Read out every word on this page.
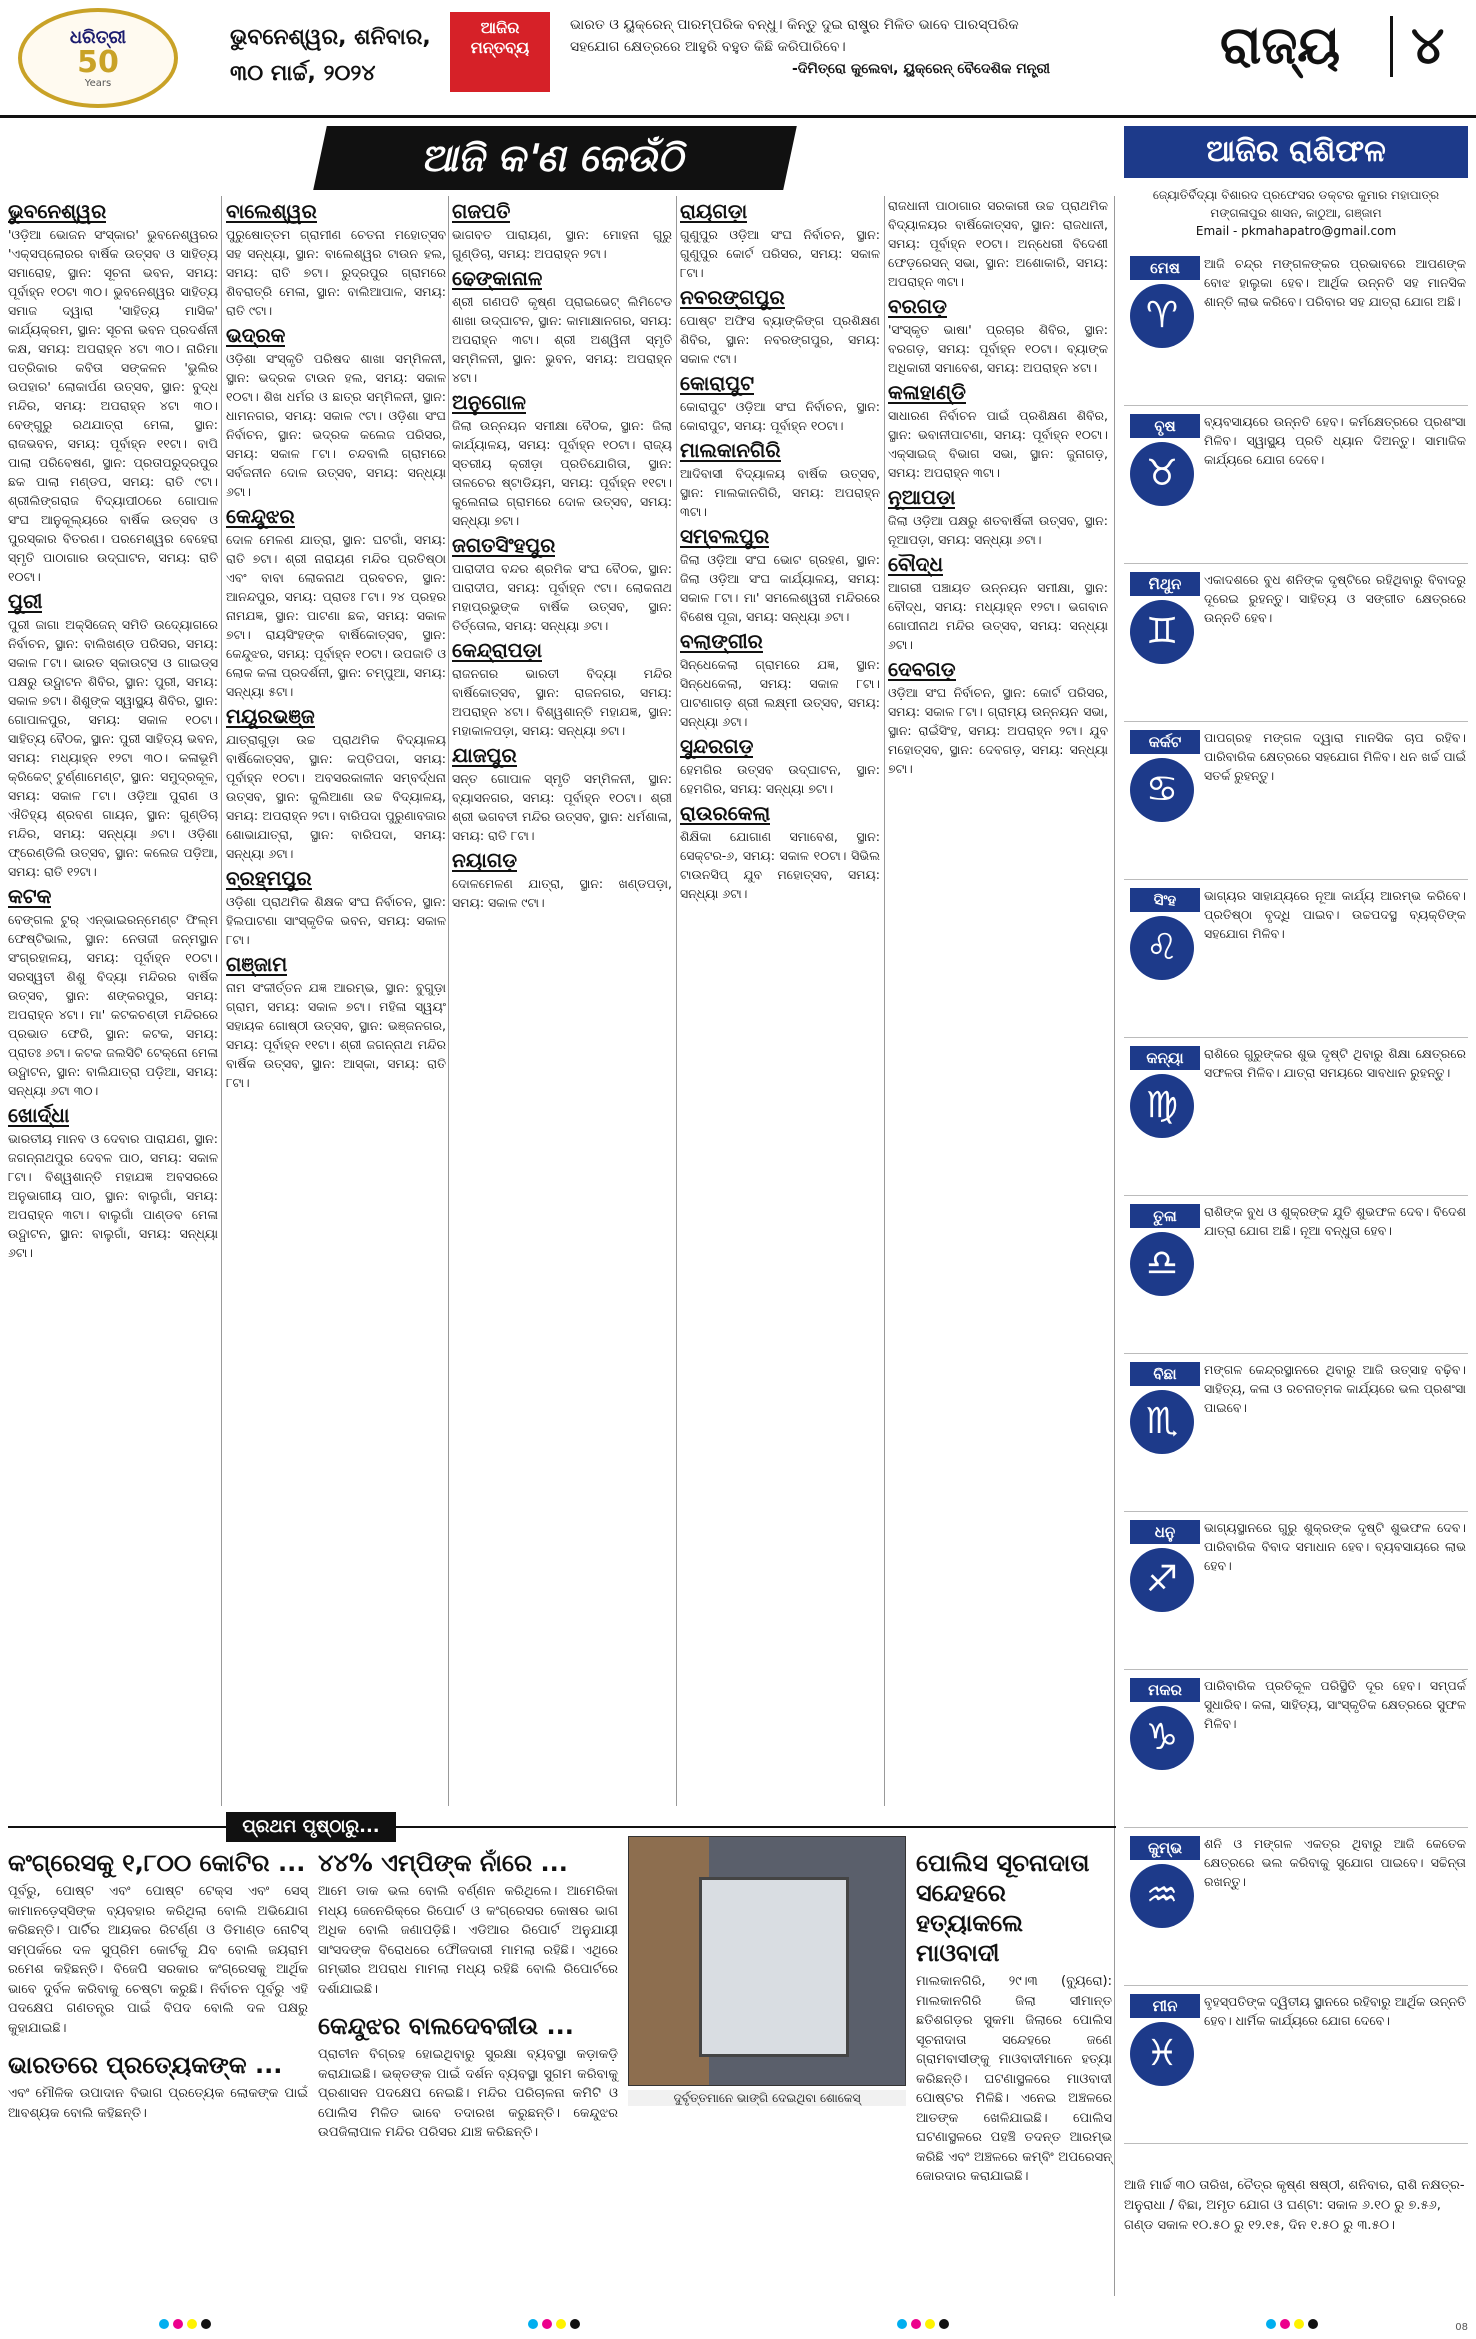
ଧରିତ୍ରୀ
50
Years
ଭୁବନେଶ୍ୱର, ଶନିବାର,
୩୦ ମାର୍ଚ୍ଚ, ୨୦୨୪
ଆଜିର ମନ୍ତବ୍ୟ

ଭାରତ ଓ ୟୁକ୍ରେନ୍ ପାରମ୍ପରିକ ବନ୍ଧୁ। କିନ୍ତୁ ଦୁଇ ରାଷ୍ଟ୍ର ମିଳିତ ଭାବେ ପାରସ୍ପରିକ ସହଯୋଗ କ୍ଷେତ୍ରରେ ଆହୁରି ବହୁତ କିଛି କରିପାରିବେ।

-ଦିମିତ୍ରୋ କୁଲେବା, ୟୁକ୍ରେନ୍ ବୈଦେଶିକ ମନ୍ତ୍ରୀ	ରାଜ୍ୟ	୪
ଆଜି କ'ଣ କେଉଁଠି
ଭୁବନେଶ୍ୱର

'ଓଡ଼ିଆ ଭୋଜନ ସଂସ୍କାର' ଭୁବନେଶ୍ୱରର 'ଏକ୍ସପ୍ଲୋରର ବାର୍ଷିକ ଉତ୍ସବ ଓ ସାହିତ୍ୟ ସମାରୋହ, ସ୍ଥାନ: ସୂଚନା ଭବନ, ସମୟ: ପୂର୍ବାହ୍ନ ୧୦ଟା ୩୦। ଭୁବନେଶ୍ୱର ସାହିତ୍ୟ ସମାଜ ଦ୍ୱାରା 'ସାହିତ୍ୟ ମାସିକ' କାର୍ଯ୍ୟକ୍ରମ, ସ୍ଥାନ: ସୂଚନା ଭବନ ପ୍ରଦର୍ଶନୀ କକ୍ଷ, ସମୟ: ଅପରାହ୍ନ ୪ଟା ୩୦। ନାରିମା ପତ୍ରିକାର କବିତା ସଙ୍କଳନ 'ଭୁଲିର ଉପହାର' ଲୋକାର୍ପଣ ଉତ୍ସବ, ସ୍ଥାନ: ବୁଦ୍ଧ ମନ୍ଦିର, ସମୟ: ଅପରାହ୍ନ ୪ଟା ୩୦। ବେଙ୍ଗୁରୁ ରଥଯାତ୍ରା ମେଳା, ସ୍ଥାନ: ରାଜଭବନ, ସମୟ: ପୂର୍ବାହ୍ନ ୧୧ଟା। ବାପି ପାଲା ପରିବେଷଣ, ସ୍ଥାନ: ପ୍ରତାପରୁଦ୍ରପୁର ଛକ ପାଲା ମଣ୍ଡପ, ସମୟ: ରାତି ୯ଟା। ଶ୍ରୀଲିଙ୍ଗରାଜ ବିଦ୍ୟାପୀଠରେ ଗୋପାଳ ସଂଘ ଆନୁକୂଲ୍ୟରେ ବାର୍ଷିକ ଉତ୍ସବ ଓ ପୁରସ୍କାର ବିତରଣ। ପରମେଶ୍ୱର ବେହେରା ସ୍ମୃତି ପାଠାଗାର ଉଦ୍‌ଘାଟନ, ସମୟ: ରାତି ୧୦ଟା।

ପୁରୀ

ପୁରୀ ଜାଗା ଅକ୍ସିଜେନ୍ ସମିତି ଉଦ୍ୟୋଗରେ ନିର୍ବାଚନ, ସ୍ଥାନ: ବାଲିଖଣ୍ଡ ପରିସର, ସମୟ: ସକାଳ ୮ଟା। ଭାରତ ସ୍କାଉଟ୍ସ ଓ ଗାଇଡ୍ସ ପକ୍ଷରୁ ଉଦ୍ଘାଟନ ଶିବିର, ସ୍ଥାନ: ପୁରୀ, ସମୟ: ସକାଳ ୭ଟା। ଶିଶୁଙ୍କ ସ୍ୱାସ୍ଥ୍ୟ ଶିବିର, ସ୍ଥାନ: ଗୋପାଳପୁର, ସମୟ: ସକାଳ ୧୦ଟା। ସାହିତ୍ୟ ବୈଠକ, ସ୍ଥାନ: ପୁରୀ ସାହିତ୍ୟ ଭବନ, ସମୟ: ମଧ୍ୟାହ୍ନ ୧୨ଟା ୩୦। କଳାଭୂମି କ୍ରିକେଟ୍ ଟୁର୍ଣ୍ଣାମେଣ୍ଟ, ସ୍ଥାନ: ସମୁଦ୍ରକୂଳ, ସମୟ: ସକାଳ ୮ଟା। ଓଡ଼ିଆ ପୁରାଣ ଓ ଐତିହ୍ୟ ଶ୍ରବଣ ଗାୟନ, ସ୍ଥାନ: ଗୁଣ୍ଡିଚା ମନ୍ଦିର, ସମୟ: ସନ୍ଧ୍ୟା ୬ଟା। ଓଡ଼ିଶା ଫ୍ରେଣ୍ଡିଲି ଉତ୍ସବ, ସ୍ଥାନ: କଲେଜ ପଡ଼ିଆ, ସମୟ: ରାତି ୧୨ଟା।

କଟକ

ବେଙ୍ଗଲ ଟୁର୍ ଏନ୍‌ଭାଇରନ୍‌ମେଣ୍ଟ ଫିଲ୍ମ ଫେଷ୍ଟିଭାଲ, ସ୍ଥାନ: ନେତାଜୀ ଜନ୍ମସ୍ଥାନ ସଂଗ୍ରହାଳୟ, ସମୟ: ପୂର୍ବାହ୍ନ ୧୦ଟା। ସରସ୍ୱତୀ ଶିଶୁ ବିଦ୍ୟା ମନ୍ଦିରର ବାର୍ଷିକ ଉତ୍ସବ, ସ୍ଥାନ: ଶଙ୍କରପୁର, ସମୟ: ଅପରାହ୍ନ ୪ଟା। ମା' କଟକଚଣ୍ଡୀ ମନ୍ଦିରରେ ପ୍ରଭାତ ଫେରି, ସ୍ଥାନ: କଟକ, ସମୟ: ପ୍ରାତଃ ୬ଟା। କଟକ ଜଲସିଟି ଟେକ୍ନୋ ମେଳା ଉଦ୍ଘାଟନ, ସ୍ଥାନ: ବାଲିଯାତ୍ରା ପଡ଼ିଆ, ସମୟ: ସନ୍ଧ୍ୟା ୬ଟା ୩୦।

ଖୋର୍ଦ୍ଧା

ଭାରତୀୟ ମାନବ ଓ ଦେବାର ପାରାଯଣ, ସ୍ଥାନ: ଜଗନ୍ନାଥପୁର ଦେବଳ ପାଠ, ସମୟ: ସକାଳ ୮ଟା। ବିଶ୍ୱଶାନ୍ତି ମହାଯଜ୍ଞ ଅବସରରେ ଅନୁଭାଗୀୟ ପାଠ, ସ୍ଥାନ: ବାଲୁଗାଁ, ସମୟ: ଅପରାହ୍ନ ୩ଟା। ବାଲୁଗାଁ ପାଣ୍ଡବ ମେଳା ଉଦ୍ଘାଟନ, ସ୍ଥାନ: ବାଲୁଗାଁ, ସମୟ: ସନ୍ଧ୍ୟା ୬ଟା।

ବାଲେଶ୍ୱର

ପୁରୁଷୋତ୍ତମ ଗ୍ରାମୀଣ ଚେତନା ମହୋତ୍ସବ ସହ ସନ୍ଧ୍ୟା, ସ୍ଥାନ: ବାଲେଶ୍ୱର ଟାଉନ ହଲ, ସମୟ: ରାତି ୭ଟା। ରୁଦ୍ରପୁର ଗ୍ରାମରେ ଶିବରାତ୍ରି ମେଳା, ସ୍ଥାନ: ବାଲିଆପାଳ, ସମୟ: ରାତି ୯ଟା।

ଭଦ୍ରକ

ଓଡ଼ିଶା ସଂସ୍କୃତି ପରିଷଦ ଶାଖା ସମ୍ମିଳନୀ, ସ୍ଥାନ: ଭଦ୍ରକ ଟାଉନ ହଲ, ସମୟ: ସକାଳ ୧୦ଟା। ଶିଖ ଧର୍ମର ଓ ଛାତ୍ର ସମ୍ମିଳନୀ, ସ୍ଥାନ: ଧାମନଗର, ସମୟ: ସକାଳ ୯ଟା। ଓଡ଼ିଶା ସଂଘ ନିର୍ବାଚନ, ସ୍ଥାନ: ଭଦ୍ରକ କଲେଜ ପରିସର, ସମୟ: ସକାଳ ୮ଟା। ଚନ୍ଦବାଲି ଗ୍ରାମରେ ସର୍ବଜନୀନ ଦୋଳ ଉତ୍ସବ, ସମୟ: ସନ୍ଧ୍ୟା ୬ଟା।

କେନ୍ଦୁଝର

ଦୋଳ ମେଳଣ ଯାତ୍ରା, ସ୍ଥାନ: ଘଟଗାଁ, ସମୟ: ରାତି ୭ଟା। ଶ୍ରୀ ନାରାୟଣ ମନ୍ଦିର ପ୍ରତିଷ୍ଠା ଏବଂ ବାବା ଲୋକନାଥ ପ୍ରବଚନ, ସ୍ଥାନ: ଆନନ୍ଦପୁର, ସମୟ: ପ୍ରାତଃ ୮ଟା। ୨୪ ପ୍ରହର ନାମଯଜ୍ଞ, ସ୍ଥାନ: ପାଟଣା ଛକ, ସମୟ: ସକାଳ ୭ଟା। ରାୟସିଂହଙ୍କ ବାର୍ଷିକୋତ୍ସବ, ସ୍ଥାନ: କେନ୍ଦୁଝର, ସମୟ: ପୂର୍ବାହ୍ନ ୧୦ଟା। ଉପଜାତି ଓ ଲୋକ କଳା ପ୍ରଦର୍ଶନୀ, ସ୍ଥାନ: ଚମ୍ପୁଆ, ସମୟ: ସନ୍ଧ୍ୟା ୫ଟା।

ମୟୂରଭଞ୍ଜ

ଯାତ୍ରାଗୁଡ଼ା ଉଚ୍ଚ ପ୍ରାଥମିକ ବିଦ୍ୟାଳୟ ବାର୍ଷିକୋତ୍ସବ, ସ୍ଥାନ: କପ୍ତିପଦା, ସମୟ: ପୂର୍ବାହ୍ନ ୧୦ଟା। ଅବସରକାଳୀନ ସମ୍ବର୍ଦ୍ଧନା ଉତ୍ସବ, ସ୍ଥାନ: କୁଲିଆଣା ଉଚ୍ଚ ବିଦ୍ୟାଳୟ, ସମୟ: ଅପରାହ୍ନ ୨ଟା। ବାରିପଦା ପୁରୁଣାବଜାର ଶୋଭାଯାତ୍ରା, ସ୍ଥାନ: ବାରିପଦା, ସମୟ: ସନ୍ଧ୍ୟା ୬ଟା।

ବ୍ରହ୍ମପୁର

ଓଡ଼ିଶା ପ୍ରାଥମିକ ଶିକ୍ଷକ ସଂଘ ନିର୍ବାଚନ, ସ୍ଥାନ: ହିଲପାଟଣା ସାଂସ୍କୃତିକ ଭବନ, ସମୟ: ସକାଳ ୮ଟା।

ଗଞ୍ଜାମ

ନାମ ସଂକୀର୍ତ୍ତନ ଯଜ୍ଞ ଆରମ୍ଭ, ସ୍ଥାନ: ବୁଗୁଡ଼ା ଗ୍ରାମ, ସମୟ: ସକାଳ ୭ଟା। ମହିଳା ସ୍ୱୟଂ ସହାୟକ ଗୋଷ୍ଠୀ ଉତ୍ସବ, ସ୍ଥାନ: ଭଞ୍ଜନଗର, ସମୟ: ପୂର୍ବାହ୍ନ ୧୧ଟା। ଶ୍ରୀ ଜଗନ୍ନାଥ ମନ୍ଦିର ବାର୍ଷିକ ଉତ୍ସବ, ସ୍ଥାନ: ଆସ୍କା, ସମୟ: ରାତି ୮ଟା।

ଗଜପତି

ଭାଗବତ ପାରାୟଣ, ସ୍ଥାନ: ମୋହନା ଗୁରୁ ଗୁଣ୍ଡିଚା, ସମୟ: ଅପରାହ୍ନ ୨ଟା।

ଢେଙ୍କାନାଳ

ଶ୍ରୀ ଗଣପତି କୃଷ୍ଣ ପ୍ରାଇଭେଟ୍ ଲିମିଟେଡ ଶାଖା ଉଦ୍‌ଘାଟନ, ସ୍ଥାନ: କାମାକ୍ଷାନଗର, ସମୟ: ଅପରାହ୍ନ ୩ଟା। ଶ୍ରୀ ଅଶ୍ୱିନୀ ସ୍ମୃତି ସମ୍ମିଳନୀ, ସ୍ଥାନ: ଭୁବନ, ସମୟ: ଅପରାହ୍ନ ୪ଟା।

ଅନୁଗୋଳ

ଜିଲା ଉନ୍ନୟନ ସମୀକ୍ଷା ବୈଠକ, ସ୍ଥାନ: ଜିଲା କାର୍ଯ୍ୟାଳୟ, ସମୟ: ପୂର୍ବାହ୍ନ ୧୦ଟା। ରାଜ୍ୟ ସ୍ତରୀୟ କ୍ରୀଡ଼ା ପ୍ରତିଯୋଗିତା, ସ୍ଥାନ: ତାଳଚେର ଷ୍ଟାଡିୟମ, ସମୟ: ପୂର୍ବାହ୍ନ ୧୧ଟା। କୁଲେନାଇ ଗ୍ରାମରେ ଦୋଳ ଉତ୍ସବ, ସମୟ: ସନ୍ଧ୍ୟା ୭ଟା।

ଜଗତସିଂହପୁର

ପାରାଦୀପ ବନ୍ଦର ଶ୍ରମିକ ସଂଘ ବୈଠକ, ସ୍ଥାନ: ପାରାଦୀପ, ସମୟ: ପୂର୍ବାହ୍ନ ୯ଟା। ଲୋକନାଥ ମହାପ୍ରଭୁଙ୍କ ବାର୍ଷିକ ଉତ୍ସବ, ସ୍ଥାନ: ତିର୍ତ୍ତୋଲ, ସମୟ: ସନ୍ଧ୍ୟା ୬ଟା।

କେନ୍ଦ୍ରାପଡ଼ା

ରାଜନଗର ଭାରତୀ ବିଦ୍ୟା ମନ୍ଦିର ବାର୍ଷିକୋତ୍ସବ, ସ୍ଥାନ: ରାଜନଗର, ସମୟ: ଅପରାହ୍ନ ୪ଟା। ବିଶ୍ୱଶାନ୍ତି ମହାଯଜ୍ଞ, ସ୍ଥାନ: ମହାକାଳପଡ଼ା, ସମୟ: ସନ୍ଧ୍ୟା ୭ଟା।

ଯାଜପୁର

ସନ୍ତ ଗୋପାଳ ସ୍ମୃତି ସମ୍ମିଳନୀ, ସ୍ଥାନ: ବ୍ୟାସନଗର, ସମୟ: ପୂର୍ବାହ୍ନ ୧୦ଟା। ଶ୍ରୀ ଶ୍ରୀ ଭଗବତୀ ମନ୍ଦିର ଉତ୍ସବ, ସ୍ଥାନ: ଧର୍ମଶାଳା, ସମୟ: ରାତି ୮ଟା।

ନୟାଗଡ଼

ଦୋଳମେଳଣ ଯାତ୍ରା, ସ୍ଥାନ: ଖଣ୍ଡପଡ଼ା, ସମୟ: ସକାଳ ୯ଟା।

ରାୟଗଡ଼ା

ଗୁଣୁପୁର ଓଡ଼ିଆ ସଂଘ ନିର୍ବାଚନ, ସ୍ଥାନ: ଗୁଣୁପୁର କୋର୍ଟ ପରିସର, ସମୟ: ସକାଳ ୮ଟା।

ନବରଙ୍ଗପୁର

ପୋଷ୍ଟ ଅଫିସ ବ୍ୟାଙ୍କିଙ୍ଗ ପ୍ରଶିକ୍ଷଣ ଶିବିର, ସ୍ଥାନ: ନବରଙ୍ଗପୁର, ସମୟ: ସକାଳ ୯ଟା।

କୋରାପୁଟ

କୋରାପୁଟ ଓଡ଼ିଆ ସଂଘ ନିର୍ବାଚନ, ସ୍ଥାନ: କୋରାପୁଟ, ସମୟ: ପୂର୍ବାହ୍ନ ୧୦ଟା।

ମାଲକାନଗିରି

ଆଦିବାସୀ ବିଦ୍ୟାଳୟ ବାର୍ଷିକ ଉତ୍ସବ, ସ୍ଥାନ: ମାଲକାନଗିରି, ସମୟ: ଅପରାହ୍ନ ୩ଟା।

ସମ୍ବଲପୁର

ଜିଲା ଓଡ଼ିଆ ସଂଘ ଭୋଟ ଗ୍ରହଣ, ସ୍ଥାନ: ଜିଲା ଓଡ଼ିଆ ସଂଘ କାର୍ଯ୍ୟାଳୟ, ସମୟ: ସକାଳ ୮ଟା। ମା' ସମଲେଶ୍ୱରୀ ମନ୍ଦିରରେ ବିଶେଷ ପୂଜା, ସମୟ: ସନ୍ଧ୍ୟା ୬ଟା।

ବଲାଙ୍ଗୀର

ସିନ୍ଧେକେଲା ଗ୍ରାମରେ ଯଜ୍ଞ, ସ୍ଥାନ: ସିନ୍ଧେକେଲା, ସମୟ: ସକାଳ ୮ଟା। ପାଟଣାଗଡ଼ ଶ୍ରୀ ଲକ୍ଷ୍ମୀ ଉତ୍ସବ, ସମୟ: ସନ୍ଧ୍ୟା ୬ଟା।

ସୁନ୍ଦରଗଡ଼

ହେମଗିର ଉତ୍ସବ ଉଦ୍‌ଘାଟନ, ସ୍ଥାନ: ହେମଗିର, ସମୟ: ସନ୍ଧ୍ୟା ୭ଟା।

ରାଉରକେଲା

ଶିକ୍ଷିକା ଯୋଗାଣ ସମାବେଶ, ସ୍ଥାନ: ସେକ୍ଟର-୬, ସମୟ: ସକାଳ ୧୦ଟା। ସିଭିଲ ଟାଉନସିପ୍ ଯୁବ ମହୋତ୍ସବ, ସମୟ: ସନ୍ଧ୍ୟା ୬ଟା।

ରାଜଧାନୀ ପାଠାଗାର ସରକାରୀ ଉଚ୍ଚ ପ୍ରାଥମିକ ବିଦ୍ୟାଳୟର ବାର୍ଷିକୋତ୍ସବ, ସ୍ଥାନ: ରାଜଧାନୀ, ସମୟ: ପୂର୍ବାହ୍ନ ୧୦ଟା। ଅନ୍ଧେରୀ ବିଦେଶୀ ଫେଡ଼ରେସନ୍ ସଭା, ସ୍ଥାନ: ଅଶୋକାରି, ସମୟ: ଅପରାହ୍ନ ୩ଟା।

ବରଗଡ଼

'ସଂସ୍କୃତ ଭାଷା' ପ୍ରଚାର ଶିବିର, ସ୍ଥାନ: ବରଗଡ଼, ସମୟ: ପୂର୍ବାହ୍ନ ୧୦ଟା। ବ୍ୟାଙ୍କ ଅଧିକାରୀ ସମାବେଶ, ସମୟ: ଅପରାହ୍ନ ୪ଟା।

କଳାହାଣ୍ଡି

ସାଧାରଣ ନିର୍ବାଚନ ପାଇଁ ପ୍ରଶିକ୍ଷଣ ଶିବିର, ସ୍ଥାନ: ଭବାନୀପାଟଣା, ସମୟ: ପୂର୍ବାହ୍ନ ୧୦ଟା। ଏକ୍ସାଇଜ୍ ବିଭାଗ ସଭା, ସ୍ଥାନ: ଜୁନାଗଡ଼, ସମୟ: ଅପରାହ୍ନ ୩ଟା।

ନୂଆପଡ଼ା

ଜିଲା ଓଡ଼ିଆ ପକ୍ଷରୁ ଶତବାର୍ଷିକୀ ଉତ୍ସବ, ସ୍ଥାନ: ନୂଆପଡ଼ା, ସମୟ: ସନ୍ଧ୍ୟା ୬ଟା।

ବୌଦ୍ଧ

ଆଗରୀ ପଞ୍ଚାୟତ ଉନ୍ନୟନ ସମୀକ୍ଷା, ସ୍ଥାନ: ବୌଦ୍ଧ, ସମୟ: ମଧ୍ୟାହ୍ନ ୧୨ଟା। ଭଗବାନ ଗୋପୀନାଥ ମନ୍ଦିର ଉତ୍ସବ, ସମୟ: ସନ୍ଧ୍ୟା ୬ଟା।

ଦେବଗଡ଼

ଓଡ଼ିଆ ସଂଘ ନିର୍ବାଚନ, ସ୍ଥାନ: କୋର୍ଟ ପରିସର, ସମୟ: ସକାଳ ୮ଟା। ଗ୍ରାମ୍ୟ ଉନ୍ନୟନ ସଭା, ସ୍ଥାନ: ରାଇଁସିଂହ, ସମୟ: ଅପରାହ୍ନ ୨ଟା। ଯୁବ ମହୋତ୍ସବ, ସ୍ଥାନ: ଦେବଗଡ଼, ସମୟ: ସନ୍ଧ୍ୟା ୭ଟା।

ଆଜିର ରାଶିଫଳ
ଜ୍ୟୋତିର୍ବିଦ୍ୟା ବିଶାରଦ ପ୍ରଫେସର ଡକ୍ଟର କୁମାର ମହାପାତ୍ର
ମଙ୍ଗଳାପୁର ଶାସନ, କାଠୁଆ, ଗଞ୍ଜାମ
Email - pkmahapatro@gmail.com
ମେଷ
♈
ଆଜି ଚନ୍ଦ୍ର ମଙ୍ଗଳଙ୍କର ପ୍ରଭାବରେ ଆପଣଙ୍କ ବୋଝ ହାଲୁକା ହେବ। ଆର୍ଥିକ ଉନ୍ନତି ସହ ମାନସିକ ଶାନ୍ତି ଲାଭ କରିବେ। ପରିବାର ସହ ଯାତ୍ରା ଯୋଗ ଅଛି।
ବୃଷ
♉
ବ୍ୟବସାୟରେ ଉନ୍ନତି ହେବ। କର୍ମକ୍ଷେତ୍ରରେ ପ୍ରଶଂସା ମିଳିବ। ସ୍ୱାସ୍ଥ୍ୟ ପ୍ରତି ଧ୍ୟାନ ଦିଅନ୍ତୁ। ସାମାଜିକ କାର୍ଯ୍ୟରେ ଯୋଗ ଦେବେ।
ମିଥୁନ
♊
ଏକାଦଶରେ ବୁଧ ଶନିଙ୍କ ଦୃଷ୍ଟିରେ ରହିଥିବାରୁ ବିବାଦରୁ ଦୂରେଇ ରୁହନ୍ତୁ। ସାହିତ୍ୟ ଓ ସଙ୍ଗୀତ କ୍ଷେତ୍ରରେ ଉନ୍ନତି ହେବ।
କର୍କଟ
♋
ପାପଗ୍ରହ ମଙ୍ଗଳ ଦ୍ୱାରା ମାନସିକ ଚାପ ରହିବ। ପାରିବାରିକ କ୍ଷେତ୍ରରେ ସହଯୋଗ ମିଳିବ। ଧନ ଖର୍ଚ୍ଚ ପାଇଁ ସତର୍କ ରୁହନ୍ତୁ।
ସିଂହ
♌
ଭାଗ୍ୟର ସାହାଯ୍ୟରେ ନୂଆ କାର୍ଯ୍ୟ ଆରମ୍ଭ କରିବେ। ପ୍ରତିଷ୍ଠା ବୃଦ୍ଧି ପାଇବ। ଉଚ୍ଚପଦସ୍ଥ ବ୍ୟକ୍ତିଙ୍କ ସହଯୋଗ ମିଳିବ।
କନ୍ୟା
♍
ରାଶିରେ ଗୁରୁଙ୍କର ଶୁଭ ଦୃଷ୍ଟି ଥିବାରୁ ଶିକ୍ଷା କ୍ଷେତ୍ରରେ ସଫଳତା ମିଳିବ। ଯାତ୍ରା ସମୟରେ ସାବଧାନ ରୁହନ୍ତୁ।
ତୁଳା
♎
ରାଶିଙ୍କ ବୁଧ ଓ ଶୁକ୍ରଙ୍କ ଯୁତି ଶୁଭଫଳ ଦେବ। ବିଦେଶ ଯାତ୍ରା ଯୋଗ ଅଛି। ନୂଆ ବନ୍ଧୁତା ହେବ।
ବିଛା
♏
ମଙ୍ଗଳ କେନ୍ଦ୍ରସ୍ଥାନରେ ଥିବାରୁ ଆଜି ଉତ୍ସାହ ବଢ଼ିବ। ସାହିତ୍ୟ, କଳା ଓ ରଚନାତ୍ମକ କାର୍ଯ୍ୟରେ ଭଲ ପ୍ରଶଂସା ପାଇବେ।
ଧନୁ
♐
ଭାଗ୍ୟସ୍ଥାନରେ ଗୁରୁ ଶୁକ୍ରଙ୍କ ଦୃଷ୍ଟି ଶୁଭଫଳ ଦେବ। ପାରିବାରିକ ବିବାଦ ସମାଧାନ ହେବ। ବ୍ୟବସାୟରେ ଲାଭ ହେବ।
ମକର
♑
ପାରିବାରିକ ପ୍ରତିକୂଳ ପରିସ୍ଥିତି ଦୂର ହେବ। ସମ୍ପର୍କ ସୁଧାରିବ। କଳା, ସାହିତ୍ୟ, ସାଂସ୍କୃତିକ କ୍ଷେତ୍ରରେ ସୁଫଳ ମିଳିବ।
କୁମ୍ଭ
♒
ଶନି ଓ ମଙ୍ଗଳ ଏକତ୍ର ଥିବାରୁ ଆଜି କେତେକ କ୍ଷେତ୍ରରେ ଭଲ କରିବାକୁ ସୁଯୋଗ ପାଇବେ। ସଚ୍ଚିନ୍ତା ରଖନ୍ତୁ।
ମୀନ
♓
ବୃହସ୍ପତିଙ୍କ ଦ୍ୱିତୀୟ ସ୍ଥାନରେ ରହିବାରୁ ଆର୍ଥିକ ଉନ୍ନତି ହେବ। ଧାର୍ମିକ କାର୍ଯ୍ୟରେ ଯୋଗ ଦେବେ।
ଆଜି ମାର୍ଚ୍ଚ ୩୦ ତାରିଖ, ଚୈତ୍ର କୃଷ୍ଣ ଷଷ୍ଠୀ, ଶନିବାର, ରାଶି ନକ୍ଷତ୍ର-ଅନୁରାଧା / ବିଛା, ଅମୃତ ଯୋଗ ଓ ଘଣ୍ଟା: ସକାଳ ୬.୧୦ ରୁ ୭.୫୬, ଗଣ୍ଡ ସକାଳ ୧୦.୫୦ ରୁ ୧୨.୧୫, ଦିନ ୧.୫୦ ରୁ ୩.୫୦।
ପ୍ରଥମ ପୃଷ୍ଠାରୁ...
କଂଗ୍ରେସକୁ ୧,୮୦୦ କୋଟିର ...

ପୂର୍ବରୁ, ପୋଷ୍ଟ ଏବଂ ପୋଷ୍ଟ ଟେକ୍ସ ଏବଂ ସେସ୍ କାମାନଡ଼େସ୍ସିଙ୍କ ବ୍ୟବହାର କରିଥିଲା ବୋଲି ଅଭିଯୋଗ କରିଛନ୍ତି। ପାର୍ଟିର ଆୟକର ରିଟର୍ଣ୍ଣ ଓ ଡିମାଣ୍ଡ ନୋଟିସ୍ ସମ୍ପର୍କରେ ଦଳ ସୁପ୍ରିମ କୋର୍ଟକୁ ଯିବ ବୋଲି ଜୟରାମ ରମେଶ କହିଛନ୍ତି। ବିଜେପି ସରକାର କଂଗ୍ରେସକୁ ଆର୍ଥିକ ଭାବେ ଦୁର୍ବଳ କରିବାକୁ ଚେଷ୍ଟା କରୁଛି। ନିର୍ବାଚନ ପୂର୍ବରୁ ଏହି ପଦକ୍ଷେପ ଗଣତନ୍ତ୍ର ପାଇଁ ବିପଦ ବୋଲି ଦଳ ପକ୍ଷରୁ କୁହାଯାଇଛି।

ଭାରତରେ ପ୍ରତ୍ୟେକଙ୍କ ...

ଏବଂ ମୌଳିକ ଉପାଦାନ ବିଭାଗ ପ୍ରତ୍ୟେକ ଲୋକଙ୍କ ପାଇଁ ଆବଶ୍ୟକ ବୋଲି କହିଛନ୍ତି।

୪୪% ଏମ୍‌ପିଙ୍କ ନାଁରେ ...

ଆମେ ଡାକ ଭଲ ବୋଲି ବର୍ଣ୍ଣନ କରିଥିଲେ। ଆମେରିକା ମଧ୍ୟ ଜେନେରିକ୍‌ରେ ରିପୋର୍ଟ ଓ କଂଗ୍ରେସର କୋଷର ଭାଗ ଅଧିକ ବୋଲି ଜଣାପଡ଼ିଛି। ଏଡିଆର ରିପୋର୍ଟ ଅନୁଯାୟୀ ସାଂସଦଙ୍କ ବିରୋଧରେ ଫୌଜଦାରୀ ମାମଲା ରହିଛି। ଏଥିରେ ଗମ୍ଭୀର ଅପରାଧ ମାମଲା ମଧ୍ୟ ରହିଛି ବୋଲି ରିପୋର୍ଟରେ ଦର୍ଶାଯାଇଛି।

କେନ୍ଦୁଝର ବାଲଦେବଜୀଉ ...

ପ୍ରାଚୀନ ବିଗ୍ରହ ହୋଇଥିବାରୁ ସୁରକ୍ଷା ବ୍ୟବସ୍ଥା କଡ଼ାକଡ଼ି କରାଯାଇଛି। ଭକ୍ତଙ୍କ ପାଇଁ ଦର୍ଶନ ବ୍ୟବସ୍ଥା ସୁଗମ କରିବାକୁ ପ୍ରଶାସନ ପଦକ୍ଷେପ ନେଇଛି। ମନ୍ଦିର ପରିଚାଳନା କମିଟି ଓ ପୋଲିସ ମିଳିତ ଭାବେ ତଦାରଖ କରୁଛନ୍ତି। କେନ୍ଦୁଝର ଉପଜିଲାପାଳ ମନ୍ଦିର ପରିସର ଯାଞ୍ଚ କରିଛନ୍ତି।

ଦୁର୍ବୃତ୍ତମାନେ ଭାଙ୍ଗି ଦେଇଥିବା ଶୋକେସ୍
ପୋଲିସ ସୂଚନାଦାତା ସନ୍ଦେହରେ ହତ୍ୟାକଲେ ମାଓବାଦୀ

ମାଲକାନଗିରି, ୨୯।୩ (ବ୍ୟୁରୋ): ମାଲକାନଗିରି ଜିଲା ସୀମାନ୍ତ ଛତିଶଗଡ଼ର ସୁକମା ଜିଲାରେ ପୋଲିସ ସୂଚନାଦାତା ସନ୍ଦେହରେ ଜଣେ ଗ୍ରାମବାସୀଙ୍କୁ ମାଓବାଦୀମାନେ ହତ୍ୟା କରିଛନ୍ତି। ଘଟଣାସ୍ଥଳରେ ମାଓବାଦୀ ପୋଷ୍ଟର ମିଳିଛି। ଏନେଇ ଅଞ୍ଚଳରେ ଆତଙ୍କ ଖେଳିଯାଇଛି। ପୋଲିସ ଘଟଣାସ୍ଥଳରେ ପହଞ୍ଚି ତଦନ୍ତ ଆରମ୍ଭ କରିଛି ଏବଂ ଅଞ୍ଚଳରେ କମ୍ବିଂ ଅପରେସନ୍ ଜୋରଦାର କରାଯାଇଛି।

08
